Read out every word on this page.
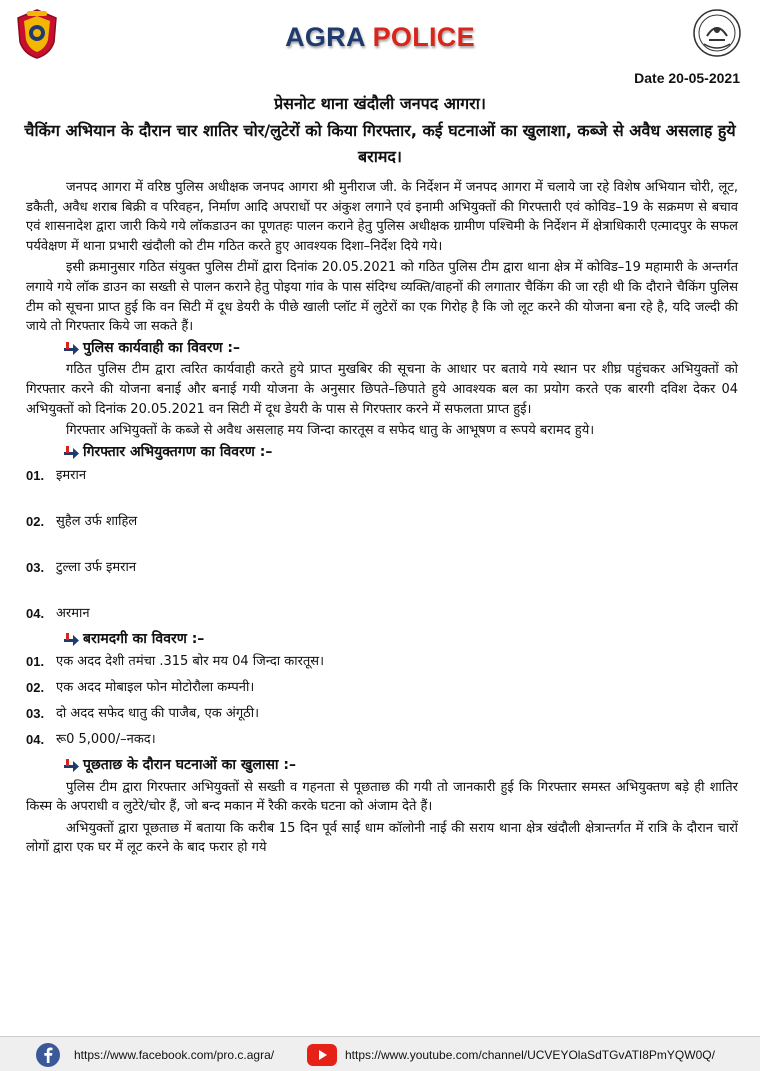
AGRA POLICE
Date 20-05-2021
प्रेसनोट थाना खंदौली जनपद आगरा।
चैकिंग अभियान के दौरान चार शातिर चोर/लुटेरों को किया गिरफ्तार, कई घटनाओं का खुलाशा, कब्जे से अवैध असलाह हुये बरामद।

जनपद आगरा में वरिष्ठ पुलिस अधीक्षक जनपद आगरा श्री मुनीराज जी. के निर्देशन में जनपद आगरा में चलाये जा रहे विशेष अभियान चोरी, लूट, डकैती, अवैध शराब बिक्री व परिवहन, निर्माण आदि अपराधों पर अंकुश लगाने एवं इनामी अभियुक्तों की गिरफ्तारी एवं कोविड–19 के सक्रमण से बचाव एवं शासनादेश द्वारा जारी किये गये लॉकडाउन का पूणतहः पालन कराने हेतु पुलिस अधीक्षक ग्रामीण पश्चिमी के निर्देशन में क्षेत्राधिकारी एत्मादपुर के सफल पर्यवेक्षण में थाना प्रभारी खंदौली को टीम गठित करते हुए आवश्यक दिशा–निर्देश दिये गये।

इसी क्रमानुसार गठित संयुक्त पुलिस टीमों द्वारा दिनांक 20.05.2021 को गठित पुलिस टीम द्वारा थाना क्षेत्र में कोविड–19 महामारी के अन्तर्गत लगाये गये लॉक डाउन का सख्ती से पालन कराने हेतु पोइया गांव के पास संदिग्ध व्यक्ति/वाहनों की लगातार चैकिंग की जा रही थी कि दौराने चैकिंग पुलिस टीम को सूचना प्राप्त हुई कि वन सिटी में दूध डेयरी के पीछे खाली प्लॉट में लुटेरों का एक गिरोह है कि जो लूट करने की योजना बना रहे है, यदि जल्दी की जाये तो गिरफ्तार किये जा सकते हैं।

पुलिस कार्यवाही का विवरण :–

गठित पुलिस टीम द्वारा त्वरित कार्यवाही करते हुये प्राप्त मुखबिर की सूचना के आधार पर बताये गये स्थान पर शीघ्र पहुंचकर अभियुक्तों को गिरफ्तार करने की योजना बनाई और बनाई गयी योजना के अनुसार छिपते–छिपाते हुये आवश्यक बल का प्रयोग करते एक बारगी दविश देकर 04 अभियुक्तों को दिनांक 20.05.2021 वन सिटी में दूध डेयरी के पास से गिरफ्तार करने में सफलता प्राप्त हुई।

गिरफ्तार अभियुक्तों के कब्जे से अवैध असलाह मय जिन्दा कारतूस व सफेद धातु के आभूषण व रूपये बरामद हुये।

गिरफ्तार अभियुक्तगण का विवरण :–
01. इमरान
02. सुहैल उर्फ शाहिल
03. टुल्ला उर्फ इमरान
04. अरमान
बरामदगी का विवरण :–
01. एक अदद देशी तमंचा .315 बोर मय 04 जिन्दा कारतूस।
02. एक अदद मोबाइल फोन मोटोरौला कम्पनी।
03. दो अदद सफेद धातु की पाजैब, एक अंगूठी।
04. रू0 5,000/–नकद।
पूछताछ के दौरान घटनाओं का खुलासा :–

पुलिस टीम द्वारा गिरफ्तार अभियुक्तों से सख्ती व गहनता से पूछताछ की गयी तो जानकारी हुई कि गिरफ्तार समस्त अभियुक्तण बड़े ही शातिर किस्म के अपराधी व लुटेरे/चोर हैं, जो बन्द मकान में रैकी करके घटना को अंजाम देते हैं।

अभियुक्तों द्वारा पूछताछ में बताया कि करीब 15 दिन पूर्व साईं धाम कॉलोनी नाई की सराय थाना क्षेत्र खंदौली क्षेत्रान्तर्गत में रात्रि के दौरान चारों लोगों द्वारा एक घर में लूट करने के बाद फरार हो गये

https://www.facebook.com/pro.c.agra/	https://www.youtube.com/channel/UCVEYOlaSdTGvATI8PmYQW0Q/
